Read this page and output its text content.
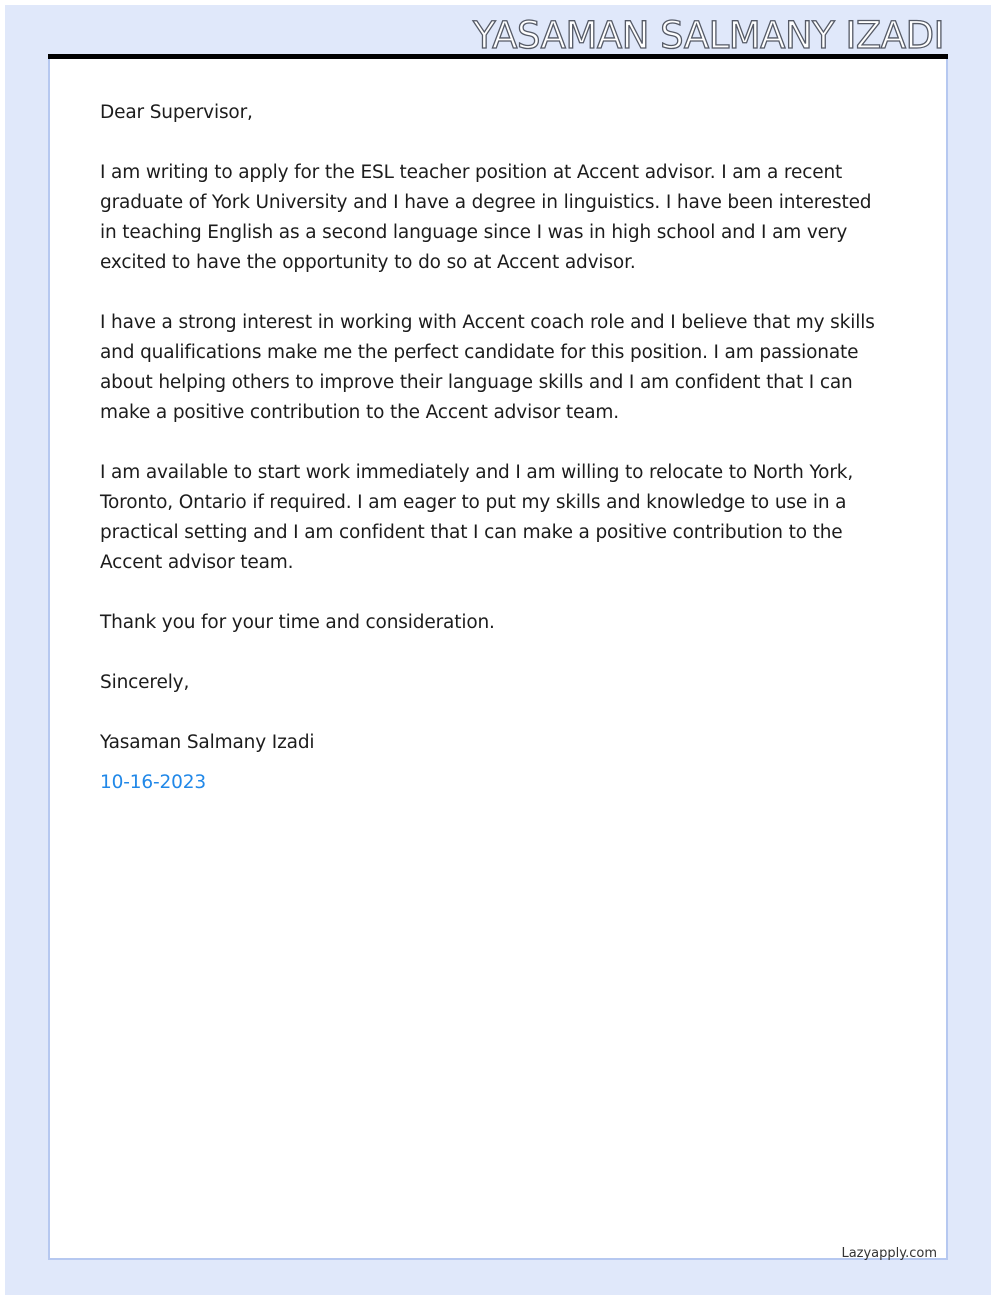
YASAMAN SALMANY IZADI

Dear Supervisor,

I am writing to apply for the ESL teacher position at Accent advisor. I am a recent graduate of York University and I have a degree in linguistics. I have been interested in teaching English as a second language since I was in high school and I am very excited to have the opportunity to do so at Accent advisor.

I have a strong interest in working with Accent coach role and I believe that my skills and qualifications make me the perfect candidate for this position. I am passionate about helping others to improve their language skills and I am confident that I can make a positive contribution to the Accent advisor team.

I am available to start work immediately and I am willing to relocate to North York, Toronto, Ontario if required. I am eager to put my skills and knowledge to use in a practical setting and I am confident that I can make a positive contribution to the Accent advisor team.

Thank you for your time and consideration.

Sincerely,

Yasaman Salmany Izadi

10-16-2023

Lazyapply.com
